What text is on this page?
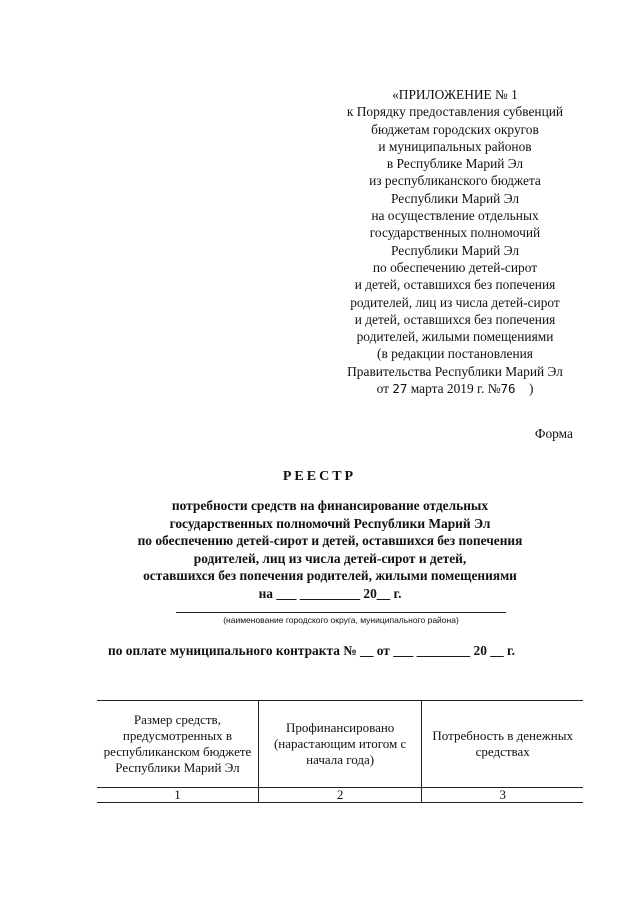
«ПРИЛОЖЕНИЕ № 1
к Порядку предоставления субвенций
бюджетам городских округов
и муниципальных районов
в Республике Марий Эл
из республиканского бюджета
Республики Марий Эл
на осуществление отдельных
государственных полномочий
Республики Марий Эл
по обеспечению детей-сирот
и детей, оставшихся без попечения
родителей, лиц из числа детей-сирот
и детей, оставшихся без попечения
родителей, жилыми помещениями
(в редакции постановления
Правительства Республики Марий Эл
от 27 марта 2019 г. №76 )
Форма
РЕЕСТР
потребности средств на финансирование отдельных
государственных полномочий Республики Марий Эл
по обеспечению детей-сирот и детей, оставшихся без попечения
родителей, лиц из числа детей-сирот и детей,
оставшихся без попечения родителей, жилыми помещениями
на ___ _________ 20__ г.
(наименование городского округа, муниципального района)
по оплате муниципального контракта № __ от ___ ________ 20 __ г.
Размер средств, предусмотренных в республиканском бюджете Республики Марий Эл	Профинансировано (нарастающим итогом с начала года)	Потребность в денежных средствах
1	2	3
